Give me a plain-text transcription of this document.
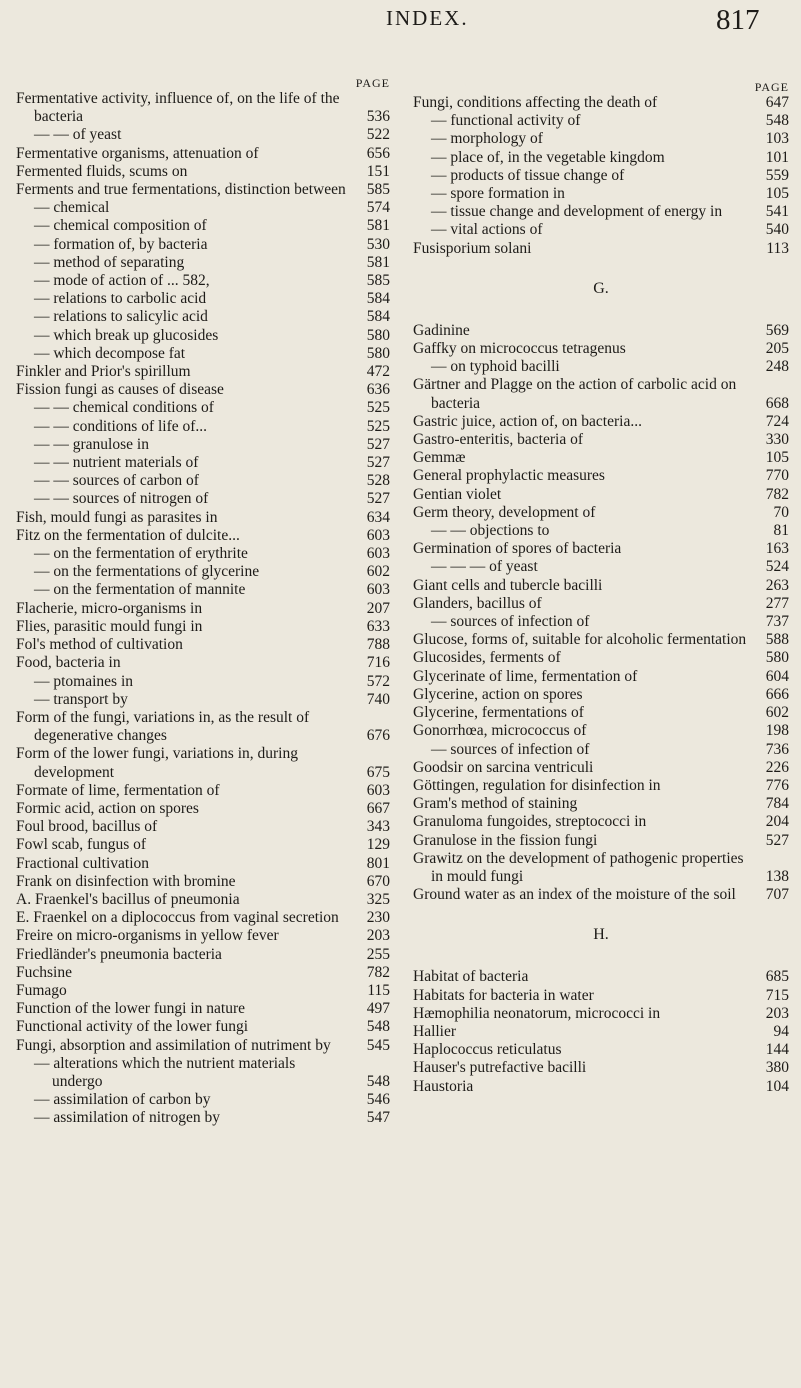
INDEX.	817
PAGE
Fermentative activity, influence of, on the life of the bacteria	536
— — of yeast	522
Fermentative organisms, attenuation of	656
Fermented fluids, scums on	151
Ferments and true fermentations, distinction between	585
— chemical	574
— chemical composition of	581
— formation of, by bacteria	530
— method of separating	581
— mode of action of ... 582,	585
— relations to carbolic acid	584
— relations to salicylic acid	584
— which break up glucosides	580
— which decompose fat	580
Finkler and Prior's spirillum	472
Fission fungi as causes of disease	636
— — chemical conditions of	525
— — conditions of life of...	525
— — granulose in	527
— — nutrient materials of	527
— — sources of carbon of	528
— — sources of nitrogen of	527
Fish, mould fungi as parasites in	634
Fitz on the fermentation of dulcite...	603
— on the fermentation of erythrite	603
— on the fermentations of glycerine	602
— on the fermentation of mannite	603
Flacherie, micro-organisms in	207
Flies, parasitic mould fungi in	633
Fol's method of cultivation	788
Food, bacteria in	716
— ptomaines in	572
— transport by	740
Form of the fungi, variations in, as the result of degenerative changes	676
Form of the lower fungi, variations in, during development	675
Formate of lime, fermentation of	603
Formic acid, action on spores	667
Foul brood, bacillus of	343
Fowl scab, fungus of	129
Fractional cultivation	801
Frank on disinfection with bromine	670
A. Fraenkel's bacillus of pneumonia	325
E. Fraenkel on a diplococcus from vaginal secretion	230
Freire on micro-organisms in yellow fever	203
Friedländer's pneumonia bacteria	255
Fuchsine	782
Fumago	115
Function of the lower fungi in nature	497
Functional activity of the lower fungi	548
Fungi, absorption and assimilation of nutriment by	545
— alterations which the nutrient materials undergo	548
— assimilation of carbon by	546
— assimilation of nitrogen by	547
PAGE
Fungi, conditions affecting the death of	647
— functional activity of	548
— morphology of	103
— place of, in the vegetable kingdom	101
— products of tissue change of	559
— spore formation in	105
— tissue change and development of energy in	541
— vital actions of	540
Fusisporium solani	113
G.
Gadinine	569
Gaffky on micrococcus tetragenus	205
— on typhoid bacilli	248
Gärtner and Plagge on the action of carbolic acid on bacteria	668
Gastric juice, action of, on bacteria...	724
Gastro-enteritis, bacteria of	330
Gemmæ	105
General prophylactic measures	770
Gentian violet	782
Germ theory, development of	70
— — objections to	81
Germination of spores of bacteria	163
— — — of yeast	524
Giant cells and tubercle bacilli	263
Glanders, bacillus of	277
— sources of infection of	737
Glucose, forms of, suitable for alcoholic fermentation	588
Glucosides, ferments of	580
Glycerinate of lime, fermentation of	604
Glycerine, action on spores	666
Glycerine, fermentations of	602
Gonorrhœa, micrococcus of	198
— sources of infection of	736
Goodsir on sarcina ventriculi	226
Göttingen, regulation for disinfection in	776
Gram's method of staining	784
Granuloma fungoides, streptococci in	204
Granulose in the fission fungi	527
Grawitz on the development of pathogenic properties in mould fungi	138
Ground water as an index of the moisture of the soil	707
H.
Habitat of bacteria	685
Habitats for bacteria in water	715
Hæmophilia neonatorum, micrococci in	203
Hallier	94
Haplococcus reticulatus	144
Hauser's putrefactive bacilli	380
Haustoria	104
